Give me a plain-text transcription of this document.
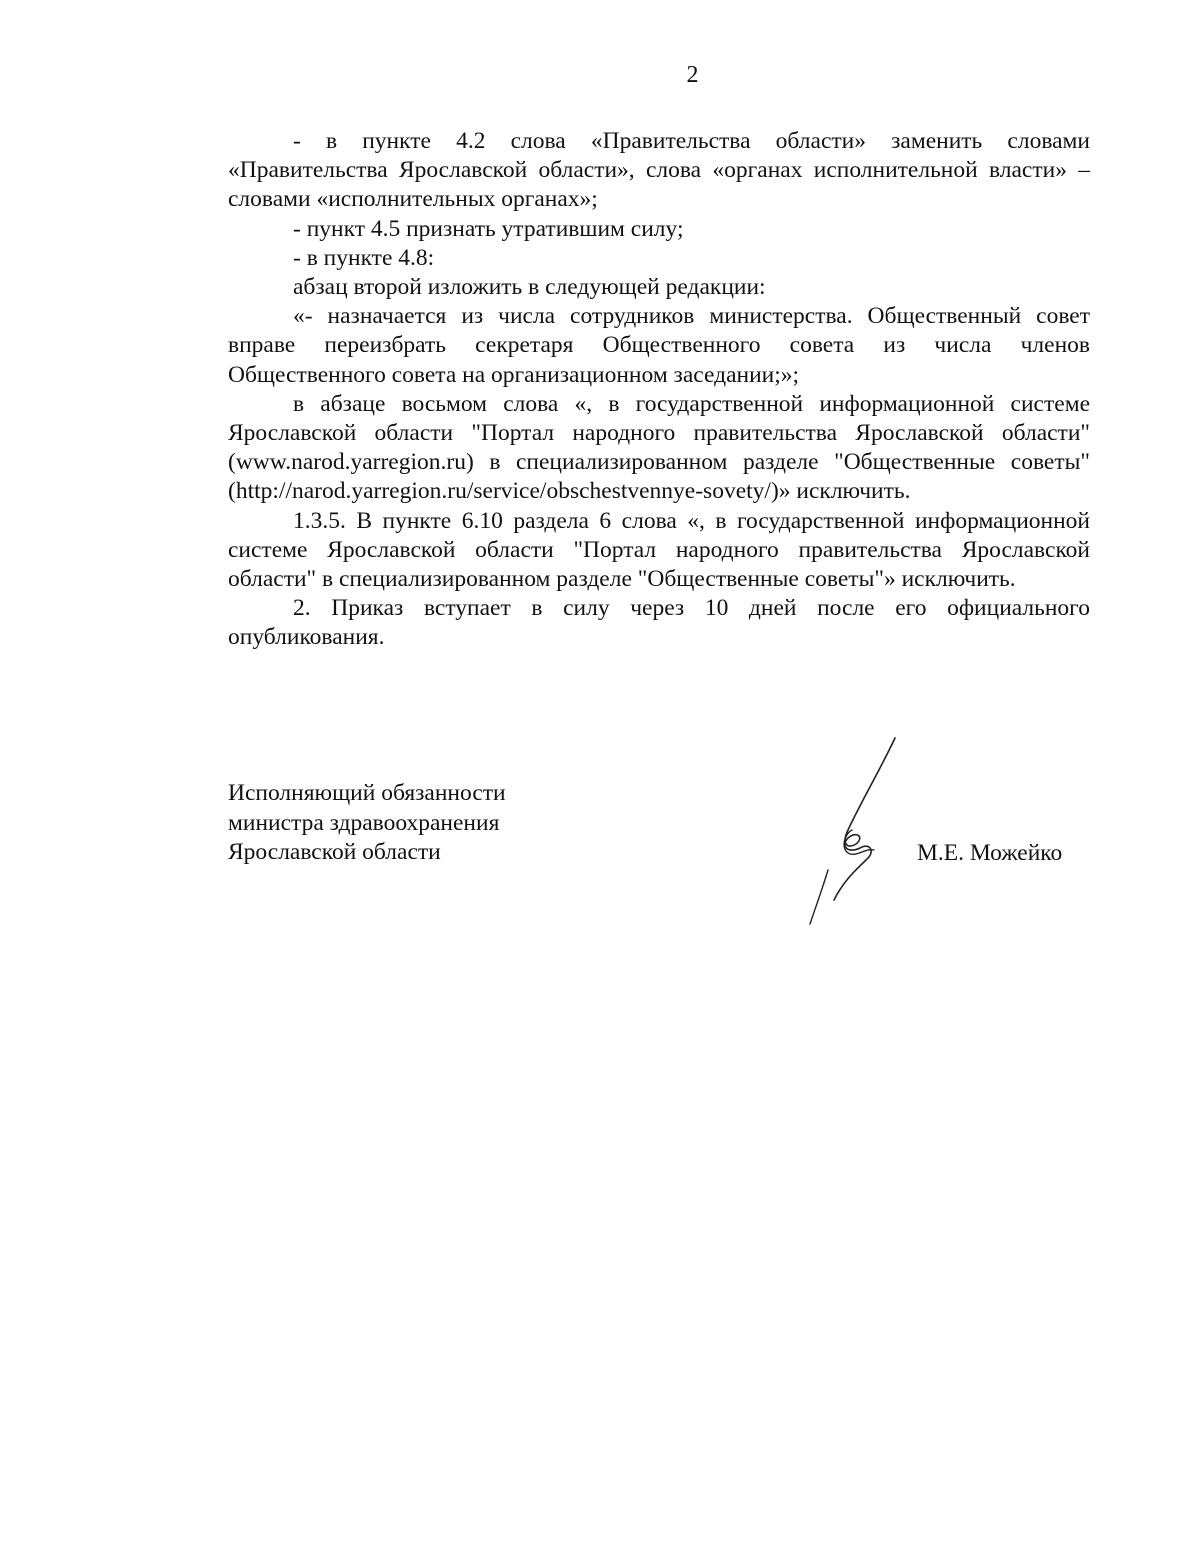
2

- в пункте 4.2 слова «Правительства области» заменить словами «Правительства Ярославской области», слова «органах исполнительной власти» – словами «исполнительных органах»;

- пункт 4.5 признать утратившим силу;

- в пункте 4.8:

абзац второй изложить в следующей редакции:

«- назначается из числа сотрудников министерства. Общественный совет вправе переизбрать секретаря Общественного совета из числа членов Общественного совета на организационном заседании;»;

в абзаце восьмом слова «, в государственной информационной системе Ярославской области "Портал народного правительства Ярославской области" (www.narod.yarregion.ru) в специализированном разделе "Общественные советы" (http://narod.yarregion.ru/service/obschestvennye-sovety/)» исключить.

1.3.5. В пункте 6.10 раздела 6 слова «, в государственной информационной системе Ярославской области "Портал народного правительства Ярославской области" в специализированном разделе "Общественные советы"» исключить.

2. Приказ вступает в силу через 10 дней после его официального опубликования.

Исполняющий обязанности
министра здравоохранения
Ярославской области	М.Е. Можейко
